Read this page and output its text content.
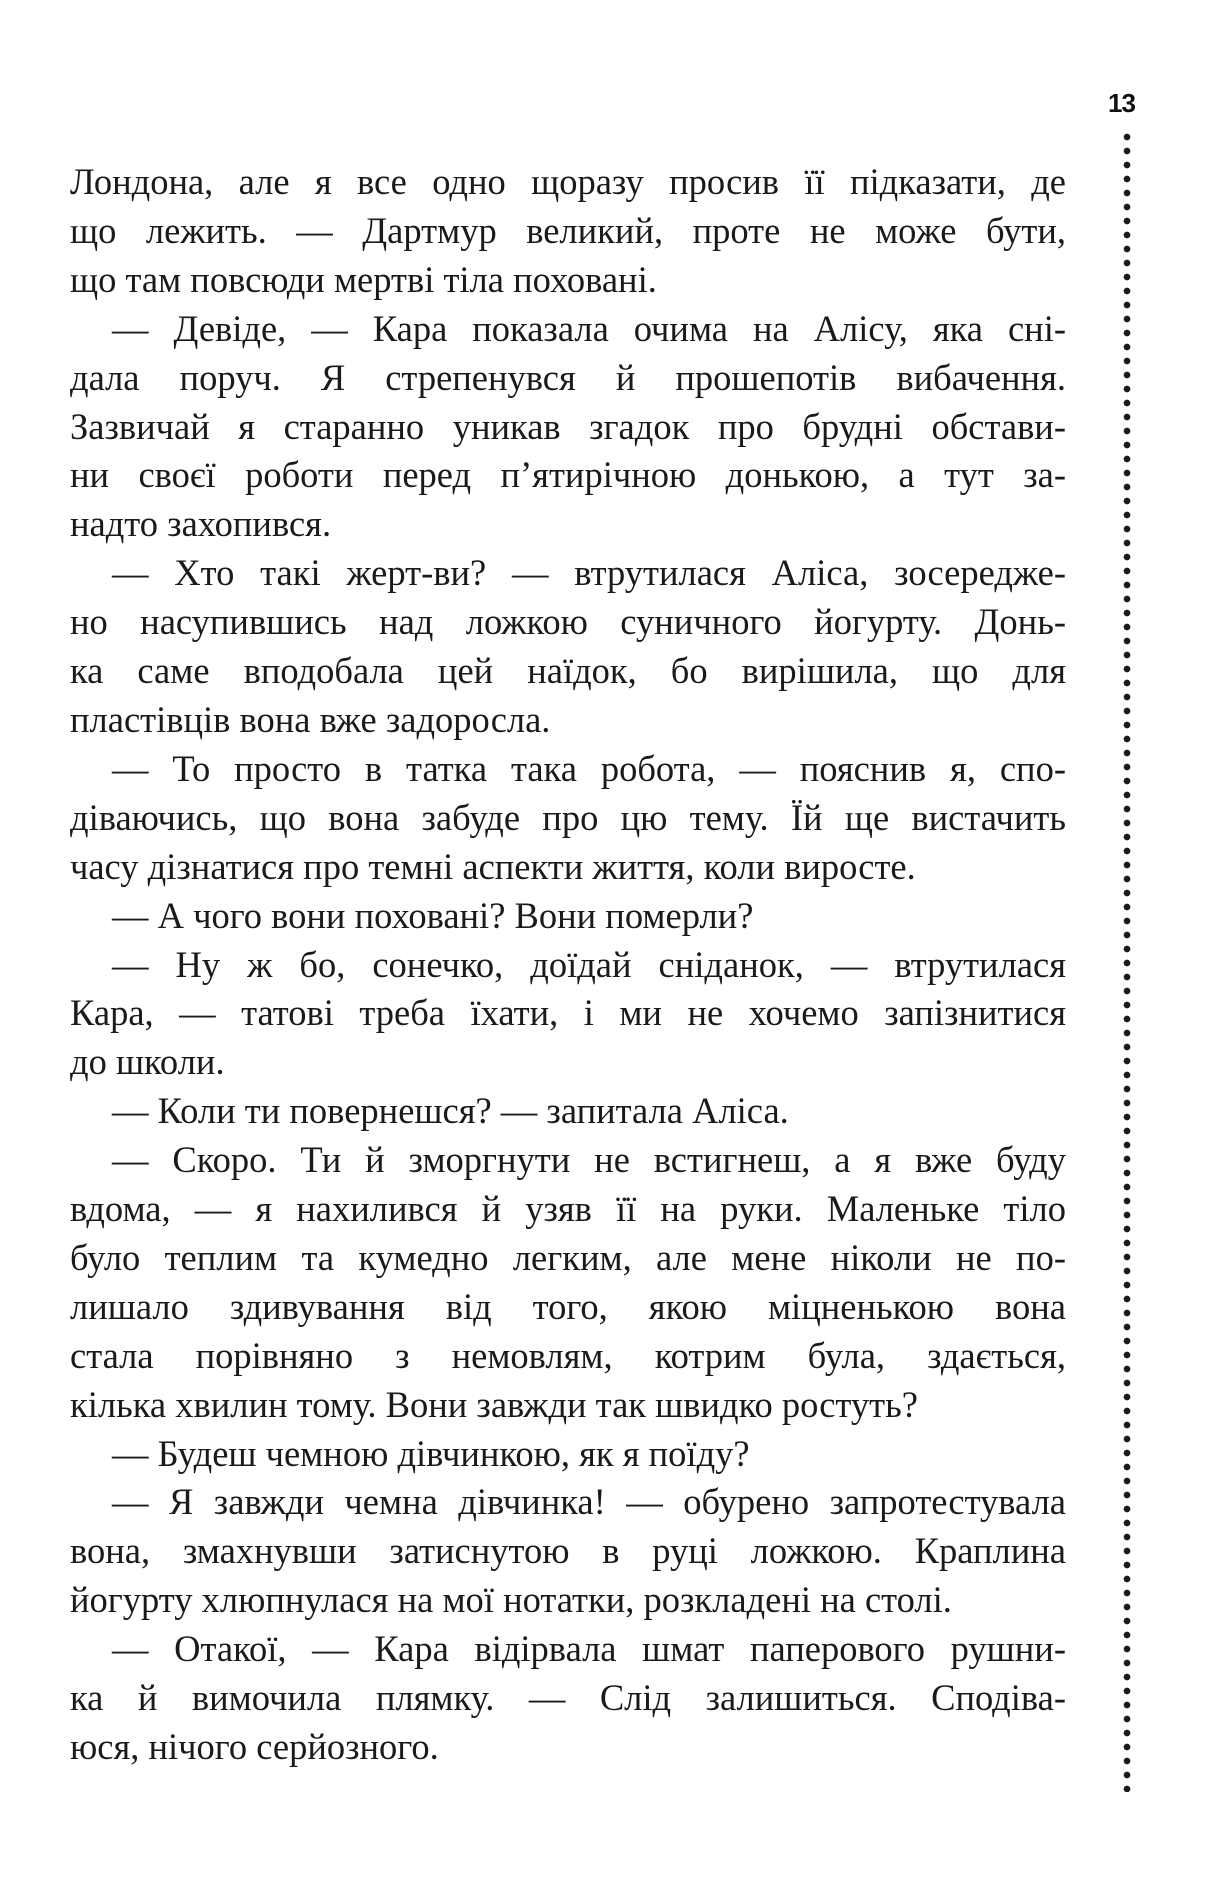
13

Лондона, але я все одно щоразу просив її підказати, де

що лежить. — Дартмур великий, проте не може бути,

що там повсюди мертві тіла поховані.

— Девіде, — Кара показала очима на Алісу, яка сні-

дала поруч. Я стрепенувся й прошепотів вибачення.

Зазвичай я старанно уникав згадок про брудні обстави-

ни своєї роботи перед п’ятирічною донькою, а тут за-

надто захопився.

— Хто такі жерт-ви? — втрутилася Аліса, зосередже-

но насупившись над ложкою суничного йогурту. Донь-

ка саме вподобала цей наїдок, бо вирішила, що для

пластівців вона вже задоросла.

— То просто в татка така робота, — пояснив я, спо-

діваючись, що вона забуде про цю тему. Їй ще вистачить

часу дізнатися про темні аспекти життя, коли виросте.

— А чого вони поховані? Вони померли?

— Ну ж бо, сонечко, доїдай сніданок, — втрутилася

Кара, — татові треба їхати, і ми не хочемо запізнитися

до школи.

— Коли ти повернешся? — запитала Аліса.

— Скоро. Ти й зморгнути не встигнеш, а я вже буду

вдома, — я нахилився й узяв її на руки. Маленьке тіло

було теплим та кумедно легким, але мене ніколи не по-

лишало здивування від того, якою міцненькою вона

стала порівняно з немовлям, котрим була, здається,

кілька хвилин тому. Вони завжди так швидко ростуть?

— Будеш чемною дівчинкою, як я поїду?

— Я завжди чемна дівчинка! — обурено запротестувала

вона, змахнувши затиснутою в руці ложкою. Краплина

йогурту хлюпнулася на мої нотатки, розкладені на столі.

— Отакої, — Кара відірвала шмат паперового рушни-

ка й вимочила плямку. — Слід залишиться. Сподіва-

юся, нічого серйозного.
